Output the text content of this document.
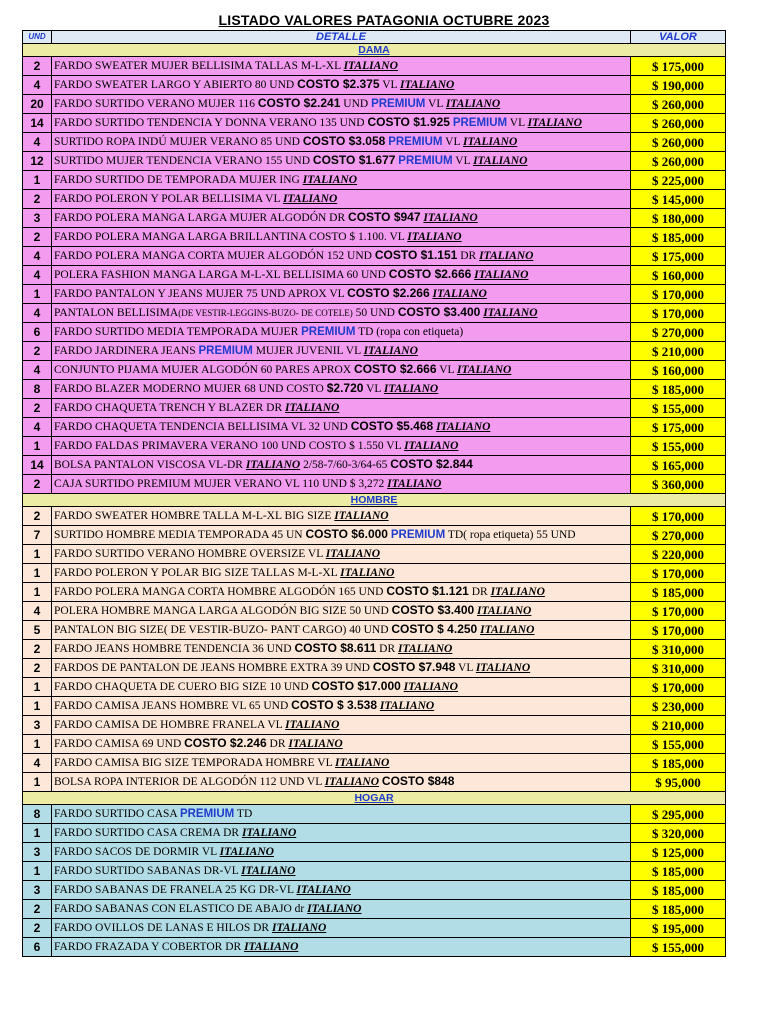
LISTADO VALORES PATAGONIA OCTUBRE 2023
UND	DETALLE	VALOR
DAMA		
2	FARDO SWEATER MUJER BELLISIMA TALLAS M-L-XL ITALIANO	$ 175,000
4	FARDO SWEATER LARGO Y ABIERTO 80 UND COSTO $2.375 VL ITALIANO	$ 190,000
20	FARDO SURTIDO VERANO MUJER 116 COSTO $2.241 UND PREMIUM VL ITALIANO	$ 260,000
14	FARDO SURTIDO TENDENCIA Y DONNA VERANO 135 UND COSTO $1.925 PREMIUM VL ITALIANO	$ 260,000
4	SURTIDO ROPA INDÚ MUJER VERANO 85 UND COSTO $3.058 PREMIUM VL ITALIANO	$ 260,000
12	SURTIDO MUJER TENDENCIA VERANO 155 UND COSTO $1.677 PREMIUM VL ITALIANO	$ 260,000
1	FARDO SURTIDO DE TEMPORADA MUJER ING ITALIANO	$ 225,000
2	FARDO POLERON Y POLAR BELLISIMA VL ITALIANO	$ 145,000
3	FARDO POLERA MANGA LARGA MUJER ALGODÓN DR COSTO $947 ITALIANO	$ 180,000
2	FARDO POLERA MANGA LARGA BRILLANTINA COSTO $ 1.100. VL ITALIANO	$ 185,000
4	FARDO POLERA MANGA CORTA MUJER ALGODÓN 152 UND COSTO $1.151 DR ITALIANO	$ 175,000
4	POLERA FASHION MANGA LARGA M-L-XL BELLISIMA 60 UND COSTO $2.666 ITALIANO	$ 160,000
1	FARDO PANTALON Y JEANS MUJER 75 UND APROX VL COSTO $2.266 ITALIANO	$ 170,000
4	PANTALON BELLISIMA(DE VESTIR-LEGGINS-BUZO- DE COTELE) 50 UND COSTO $3.400 ITALIANO	$ 170,000
6	FARDO SURTIDO MEDIA TEMPORADA MUJER PREMIUM TD (ropa con etiqueta)	$ 270,000
2	FARDO JARDINERA JEANS PREMIUM MUJER JUVENIL VL ITALIANO	$ 210,000
4	CONJUNTO PIJAMA MUJER ALGODÓN 60 PARES APROX COSTO $2.666 VL ITALIANO	$ 160,000
8	FARDO BLAZER MODERNO MUJER 68 UND COSTO $2.720 VL ITALIANO	$ 185,000
2	FARDO CHAQUETA TRENCH Y BLAZER DR ITALIANO	$ 155,000
4	FARDO CHAQUETA TENDENCIA BELLISIMA VL 32 UND COSTO $5.468 ITALIANO	$ 175,000
1	FARDO FALDAS PRIMAVERA VERANO 100 UND COSTO $ 1.550 VL ITALIANO	$ 155,000
14	BOLSA PANTALON VISCOSA VL-DR ITALIANO 2/58-7/60-3/64-65 COSTO $2.844	$ 165,000
2	CAJA SURTIDO PREMIUM MUJER VERANO VL 110 UND $ 3,272 ITALIANO	$ 360,000
HOMBRE		
2	FARDO SWEATER HOMBRE TALLA M-L-XL BIG SIZE ITALIANO	$ 170,000
7	SURTIDO HOMBRE MEDIA TEMPORADA 45 UN COSTO $6.000 PREMIUM TD( ropa etiqueta) 55 UND	$ 270,000
1	FARDO SURTIDO VERANO HOMBRE OVERSIZE VL ITALIANO	$ 220,000
1	FARDO POLERON Y POLAR BIG SIZE TALLAS M-L-XL ITALIANO	$ 170,000
1	FARDO POLERA MANGA CORTA HOMBRE ALGODÓN 165 UND COSTO $1.121 DR ITALIANO	$ 185,000
4	POLERA HOMBRE MANGA LARGA ALGODÓN BIG SIZE 50 UND COSTO $3.400 ITALIANO	$ 170,000
5	PANTALON BIG SIZE( DE VESTIR-BUZO- PANT CARGO) 40 UND COSTO $ 4.250 ITALIANO	$ 170,000
2	FARDO JEANS HOMBRE TENDENCIA 36 UND COSTO $8.611 DR ITALIANO	$ 310,000
2	FARDOS DE PANTALON DE JEANS HOMBRE EXTRA 39 UND COSTO $7.948 VL ITALIANO	$ 310,000
1	FARDO CHAQUETA DE CUERO BIG SIZE 10 UND COSTO $17.000 ITALIANO	$ 170,000
1	FARDO CAMISA JEANS HOMBRE VL 65 UND COSTO $ 3.538 ITALIANO	$ 230,000
3	FARDO CAMISA DE HOMBRE FRANELA VL ITALIANO	$ 210,000
1	FARDO CAMISA 69 UND COSTO $2.246 DR ITALIANO	$ 155,000
4	FARDO CAMISA BIG SIZE TEMPORADA HOMBRE VL ITALIANO	$ 185,000
1	BOLSA ROPA INTERIOR DE ALGODÓN 112 UND VL ITALIANO COSTO $848	$ 95,000
HOGAR		
8	FARDO SURTIDO CASA PREMIUM TD	$ 295,000
1	FARDO SURTIDO CASA CREMA DR ITALIANO	$ 320,000
3	FARDO SACOS DE DORMIR VL ITALIANO	$ 125,000
1	FARDO SURTIDO SABANAS DR-VL ITALIANO	$ 185,000
3	FARDO SABANAS DE FRANELA 25 KG DR-VL ITALIANO	$ 185,000
2	FARDO SABANAS CON ELASTICO DE ABAJO dr ITALIANO	$ 185,000
2	FARDO OVILLOS DE LANAS E HILOS DR ITALIANO	$ 195,000
6	FARDO FRAZADA Y COBERTOR DR ITALIANO	$ 155,000
